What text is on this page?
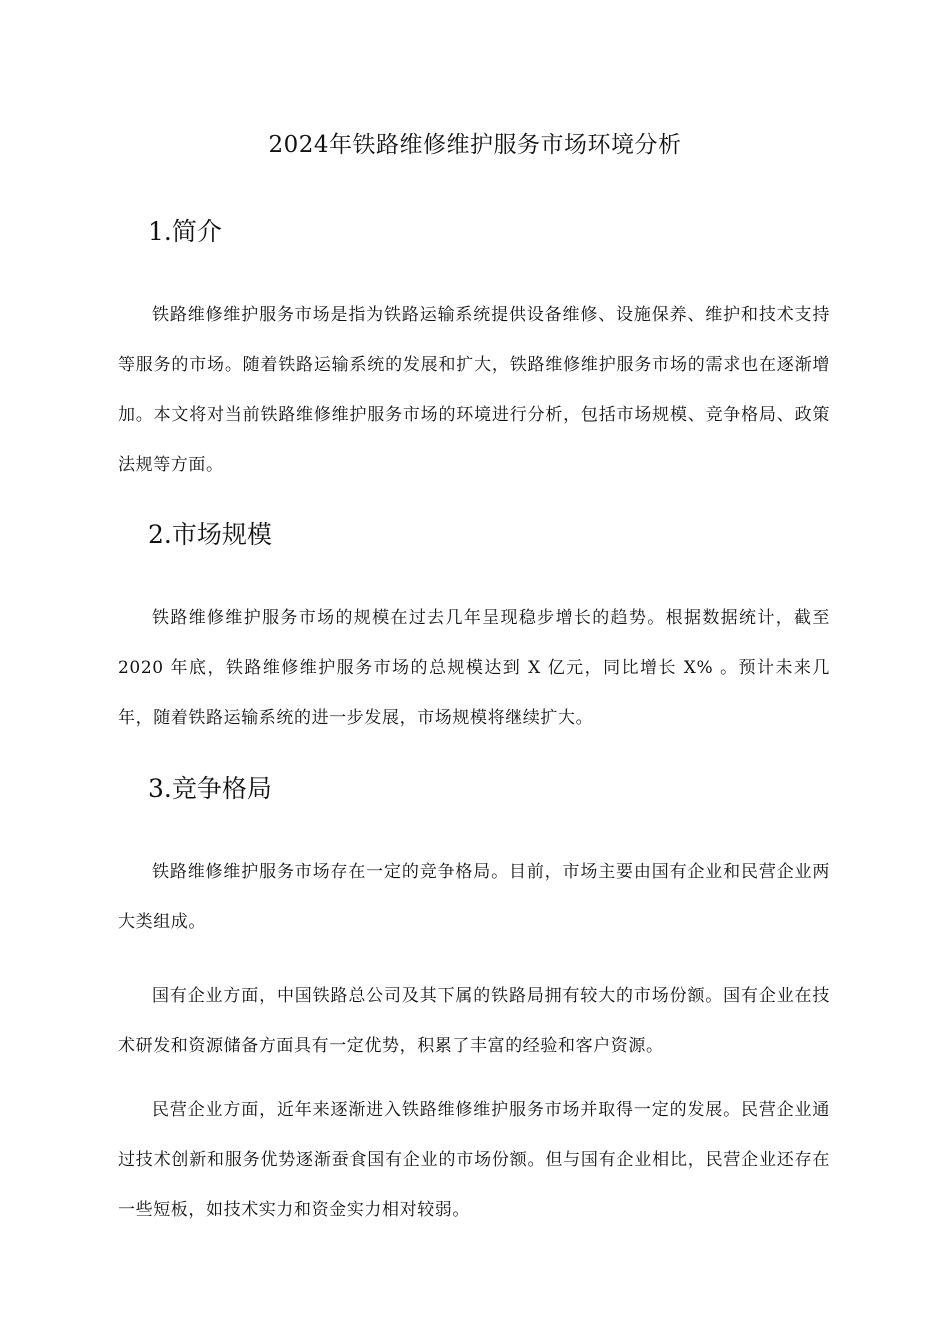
2024年铁路维修维护服务市场环境分析
1.简介

铁路维修维护服务市场是指为铁路运输系统提供设备维修、设施保养、维护和技术支持等服务的市场。随着铁路运输系统的发展和扩大，铁路维修维护服务市场的需求也在逐渐增加。本文将对当前铁路维修维护服务市场的环境进行分析，包括市场规模、竞争格局、政策法规等方面。

2.市场规模

铁路维修维护服务市场的规模在过去几年呈现稳步增长的趋势。根据数据统计，截至 2020 年底，铁路维修维护服务市场的总规模达到 X 亿元，同比增长 X% 。预计未来几年，随着铁路运输系统的进一步发展，市场规模将继续扩大。

3.竞争格局

铁路维修维护服务市场存在一定的竞争格局。目前，市场主要由国有企业和民营企业两大类组成。

国有企业方面，中国铁路总公司及其下属的铁路局拥有较大的市场份额。国有企业在技术研发和资源储备方面具有一定优势，积累了丰富的经验和客户资源。

民营企业方面，近年来逐渐进入铁路维修维护服务市场并取得一定的发展。民营企业通过技术创新和服务优势逐渐蚕食国有企业的市场份额。但与国有企业相比，民营企业还存在一些短板，如技术实力和资金实力相对较弱。
